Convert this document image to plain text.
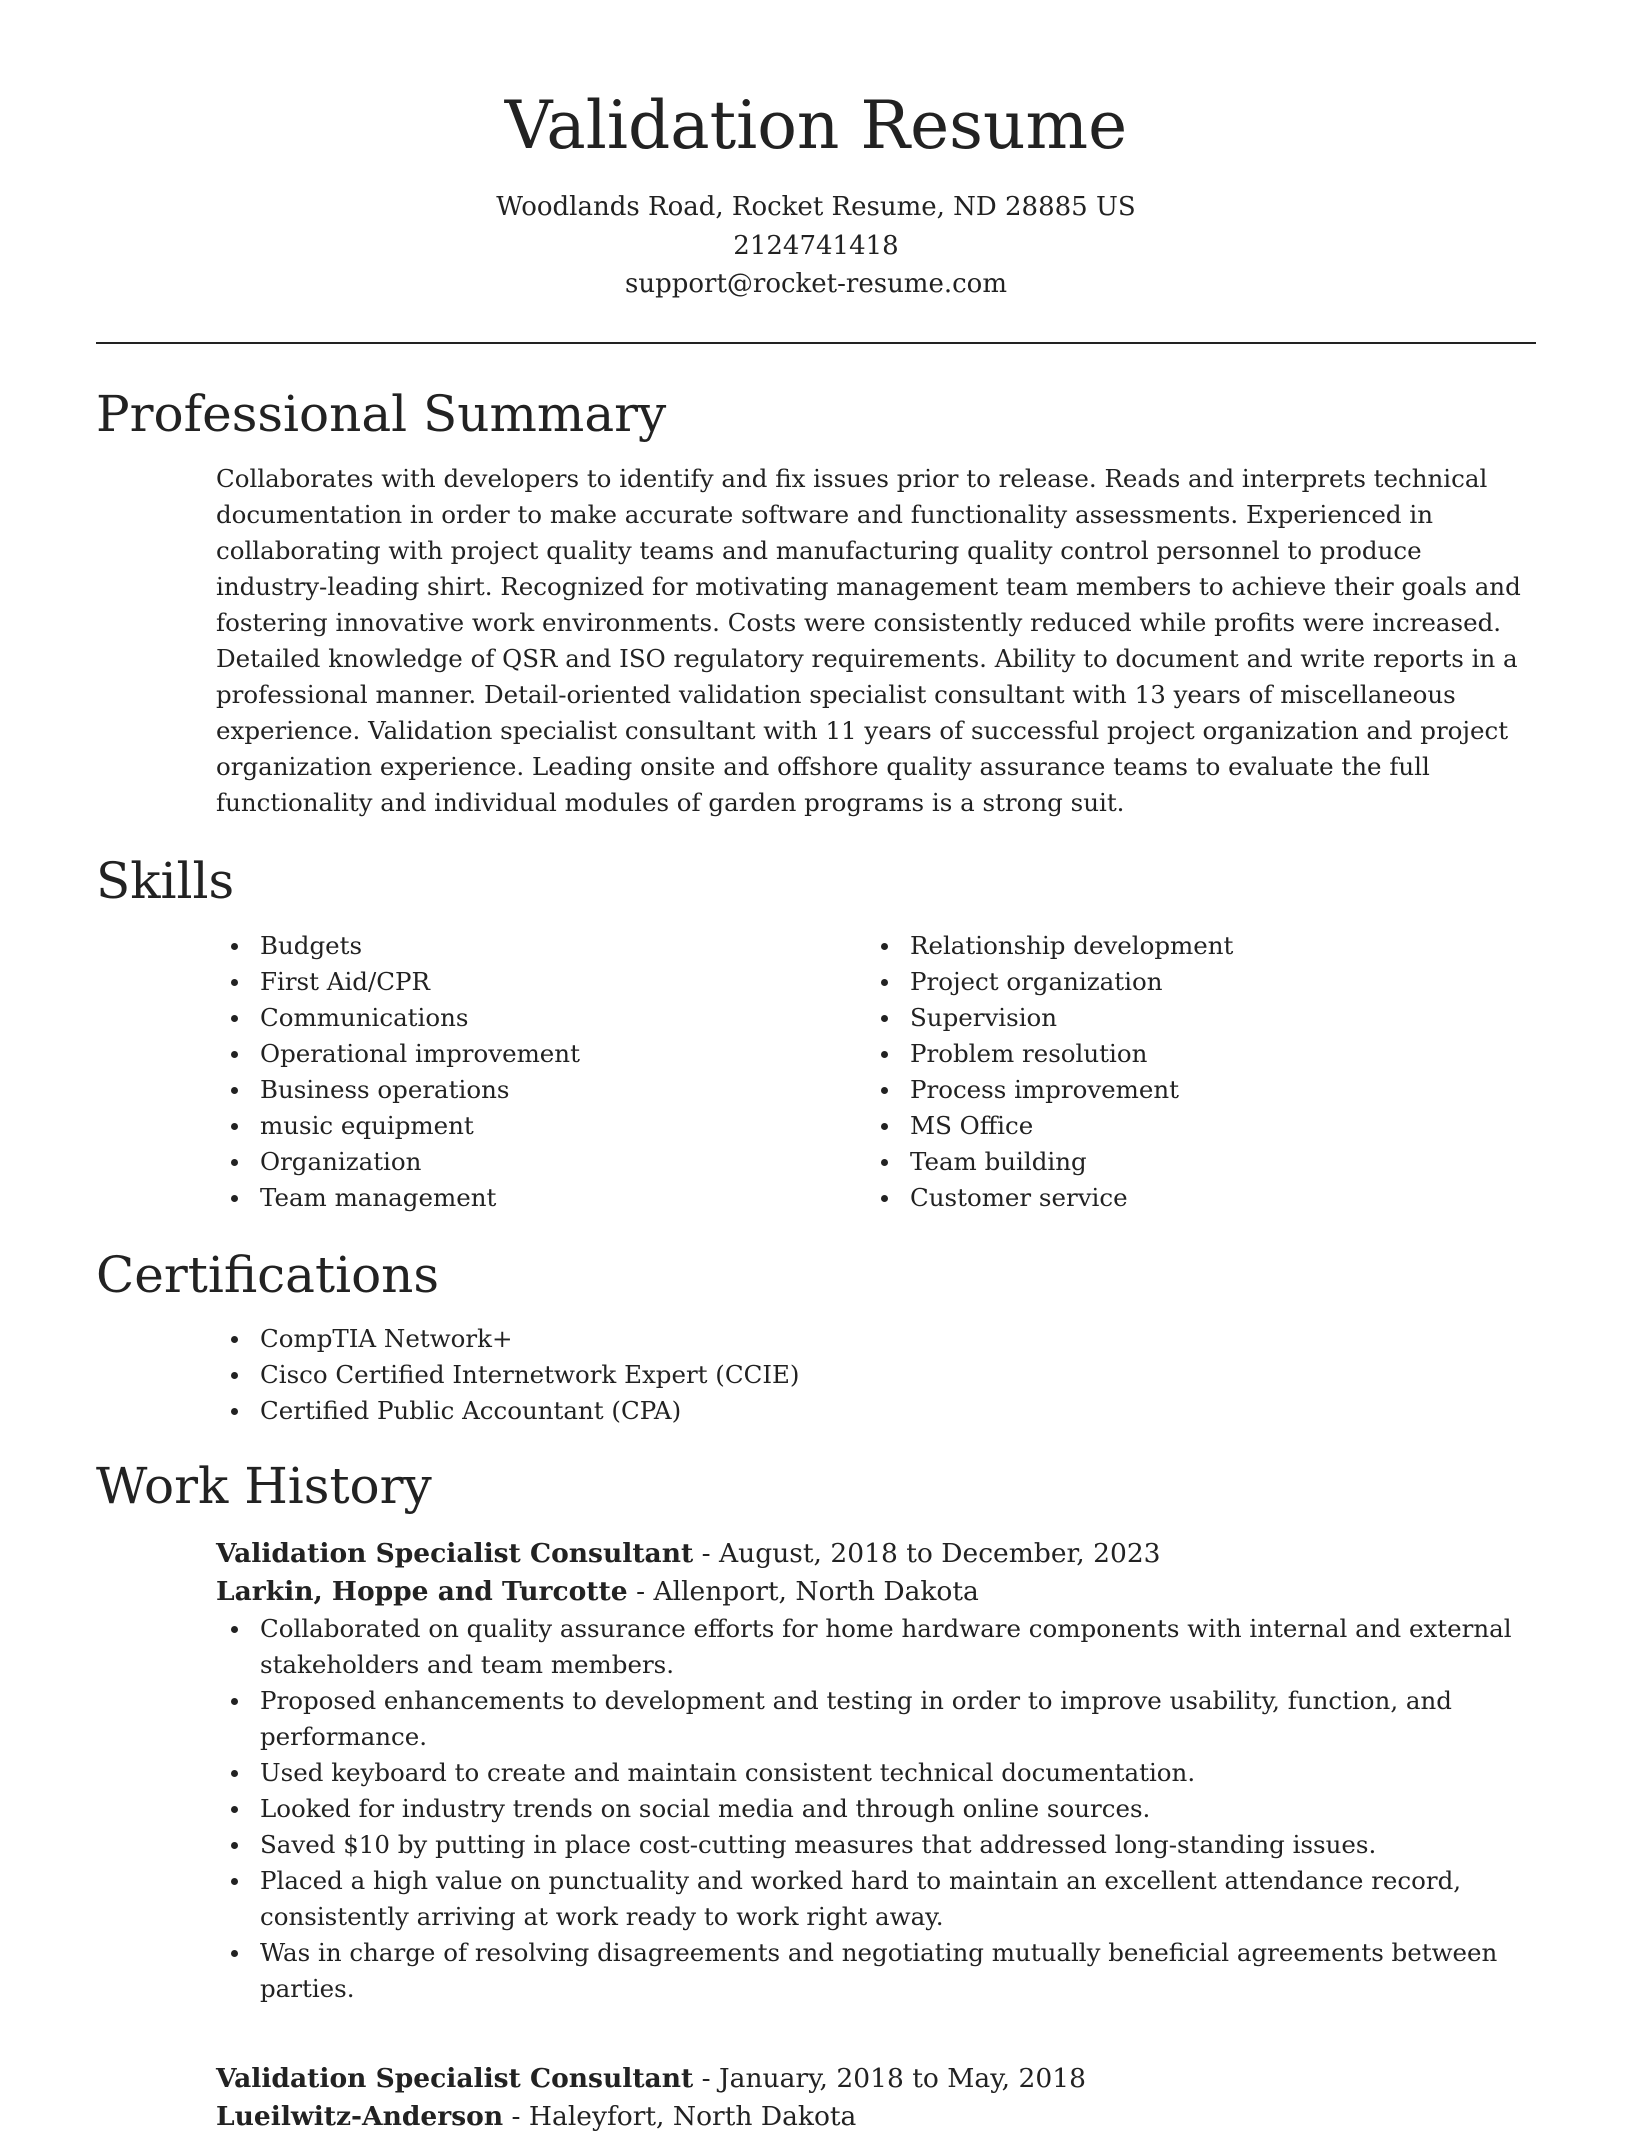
Validation Resume
Woodlands Road, Rocket Resume, ND 28885 US
2124741418
support@rocket-resume.com
Professional Summary

Collaborates with developers to identify and fix issues prior to release. Reads and interprets technical documentation in order to make accurate software and functionality assessments. Experienced in collaborating with project quality teams and manufacturing quality control personnel to produce industry-leading shirt. Recognized for motivating management team members to achieve their goals and fostering innovative work environments. Costs were consistently reduced while profits were increased. Detailed knowledge of QSR and ISO regulatory requirements. Ability to document and write reports in a professional manner. Detail-oriented validation specialist consultant with 13 years of miscellaneous experience. Validation specialist consultant with 11 years of successful project organization and project organization experience. Leading onsite and offshore quality assurance teams to evaluate the full functionality and individual modules of garden programs is a strong suit.

Skills
Budgets
First Aid/CPR
Communications
Operational improvement
Business operations
music equipment
Organization
Team management
Relationship development
Project organization
Supervision
Problem resolution
Process improvement
MS Office
Team building
Customer service
Certifications
CompTIA Network+
Cisco Certified Internetwork Expert (CCIE)
Certified Public Accountant (CPA)
Work History
Validation Specialist Consultant - August, 2018 to December, 2023
Larkin, Hoppe and Turcotte - Allenport, North Dakota
Collaborated on quality assurance efforts for home hardware components with internal and external stakeholders and team members.
Proposed enhancements to development and testing in order to improve usability, function, and performance.
Used keyboard to create and maintain consistent technical documentation.
Looked for industry trends on social media and through online sources.
Saved $10 by putting in place cost-cutting measures that addressed long-standing issues.
Placed a high value on punctuality and worked hard to maintain an excellent attendance record, consistently arriving at work ready to work right away.
Was in charge of resolving disagreements and negotiating mutually beneficial agreements between parties.
Validation Specialist Consultant - January, 2018 to May, 2018
Lueilwitz-Anderson - Haleyfort, North Dakota
